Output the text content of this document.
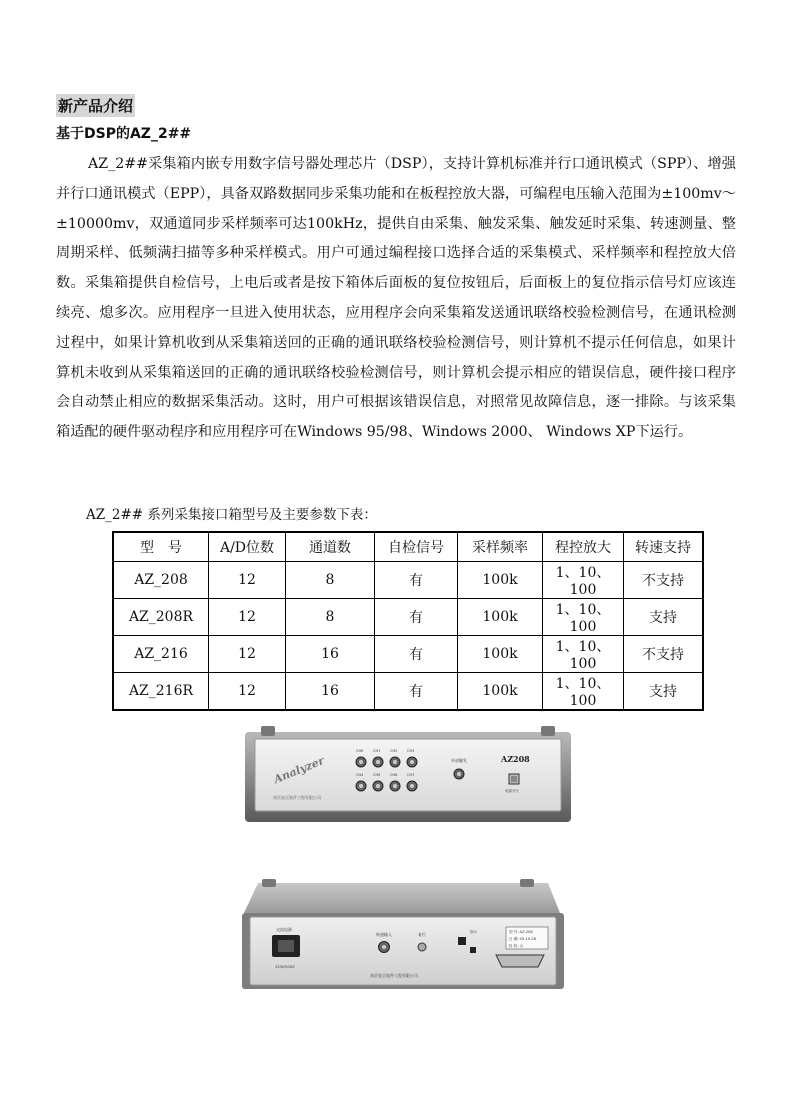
新产品介绍
基于DSP的AZ_2##
AZ_2##采集箱内嵌专用数字信号器处理芯片（DSP），支持计算机标准并行口通讯模式（SPP）、增强并行口通讯模式（EPP），具备双路数据同步采集功能和在板程控放大器，可编程电压输入范围为±100mv～±10000mv，双通道同步采样频率可达100kHz，提供自由采集、触发采集、触发延时采集、转速测量、整周期采样、低频满扫描等多种采样模式。用户可通过编程接口选择合适的采集模式、采样频率和程控放大倍数。采集箱提供自检信号，上电后或者是按下箱体后面板的复位按钮后，后面板上的复位指示信号灯应该连续亮、熄多次。应用程序一旦进入使用状态，应用程序会向采集箱发送通讯联络校验检测信号，在通讯检测过程中，如果计算机收到从采集箱送回的正确的通讯联络校验检测信号，则计算机不提示任何信息，如果计算机未收到从采集箱送回的正确的通讯联络校验检测信号，则计算机会提示相应的错误信息，硬件接口程序会自动禁止相应的数据采集活动。这时，用户可根据该错误信息，对照常见故障信息，逐一排除。与该采集箱适配的硬件驱动程序和应用程序可在Windows 95/98、Windows 2000、 Windows XP下运行。
AZ_2## 系列采集接口箱型号及主要参数下表：
型　号	A/D位数	通道数	自检信号	采样频率	程控放大	转速支持
AZ_208	12	8	有	100k	1、10、100	不支持
AZ_208R	12	8	有	100k	1、10、100	支持
AZ_216	12	16	有	100k	1、10、100	不支持
AZ_216R	12	16	有	100k	1、10、100	支持
Analyzer
南京安正软件工程有限公司
CH0	CH1	CH2	CH3
CH4	CH5	CH6	CH7
外部触发	AZ208
电源开关
交流电源
220V/50HZ
转速输入	复位	指示	型 号: AZ-208
日 期: 05-10-28
检 验: 合
南京安正软件工程有限公司
